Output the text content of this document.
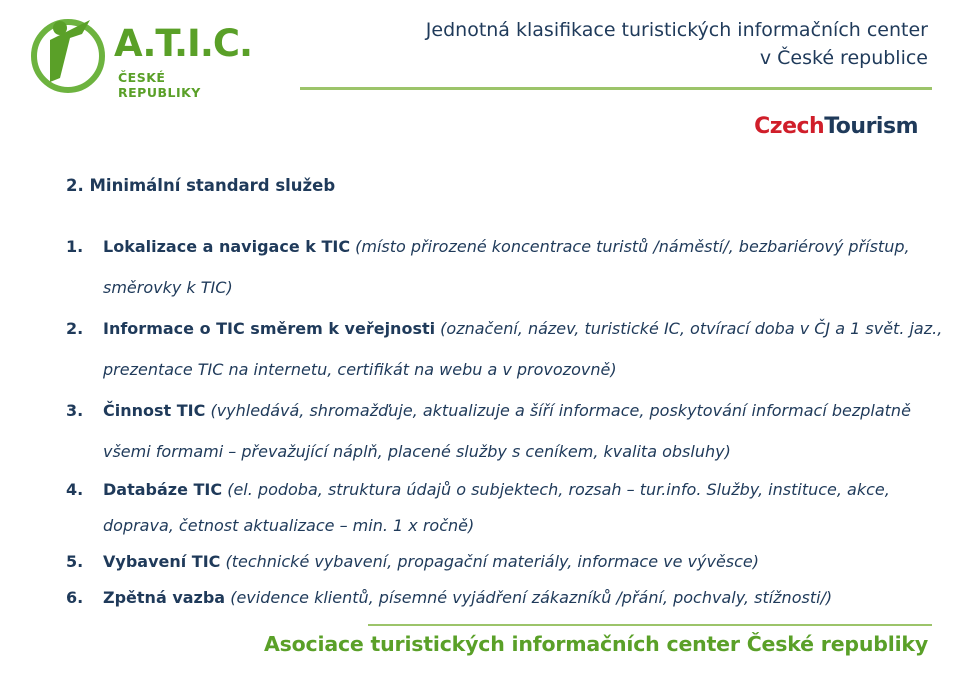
A.T.I.C.
ČESKÉ REPUBLIKY
Jednotná klasifikace turistických informačních center
v České republice
CzechTourism
2. Minimální standard služeb
1. Lokalizace a navigace k TIC (místo přirozené koncentrace turistů /náměstí/, bezbariérový přístup, směrovky k TIC)
2. Informace o TIC směrem k veřejnosti (označení, název, turistické IC, otvírací doba v ČJ a 1 svět. jaz., prezentace TIC na internetu, certifikát na webu a v provozovně)
3. Činnost TIC (vyhledává, shromažďuje, aktualizuje a šíří informace, poskytování informací bezplatně všemi formami – převažující náplň, placené služby s ceníkem, kvalita obsluhy)
4. Databáze TIC (el. podoba, struktura údajů o subjektech, rozsah – tur.info. Služby, instituce, akce, doprava, četnost aktualizace – min. 1 x ročně)
5. Vybavení TIC (technické vybavení, propagační materiály, informace ve vývěsce)
6. Zpětná vazba (evidence klientů, písemné vyjádření zákazníků /přání, pochvaly, stížnosti/)
Asociace turistických informačních center České republiky
